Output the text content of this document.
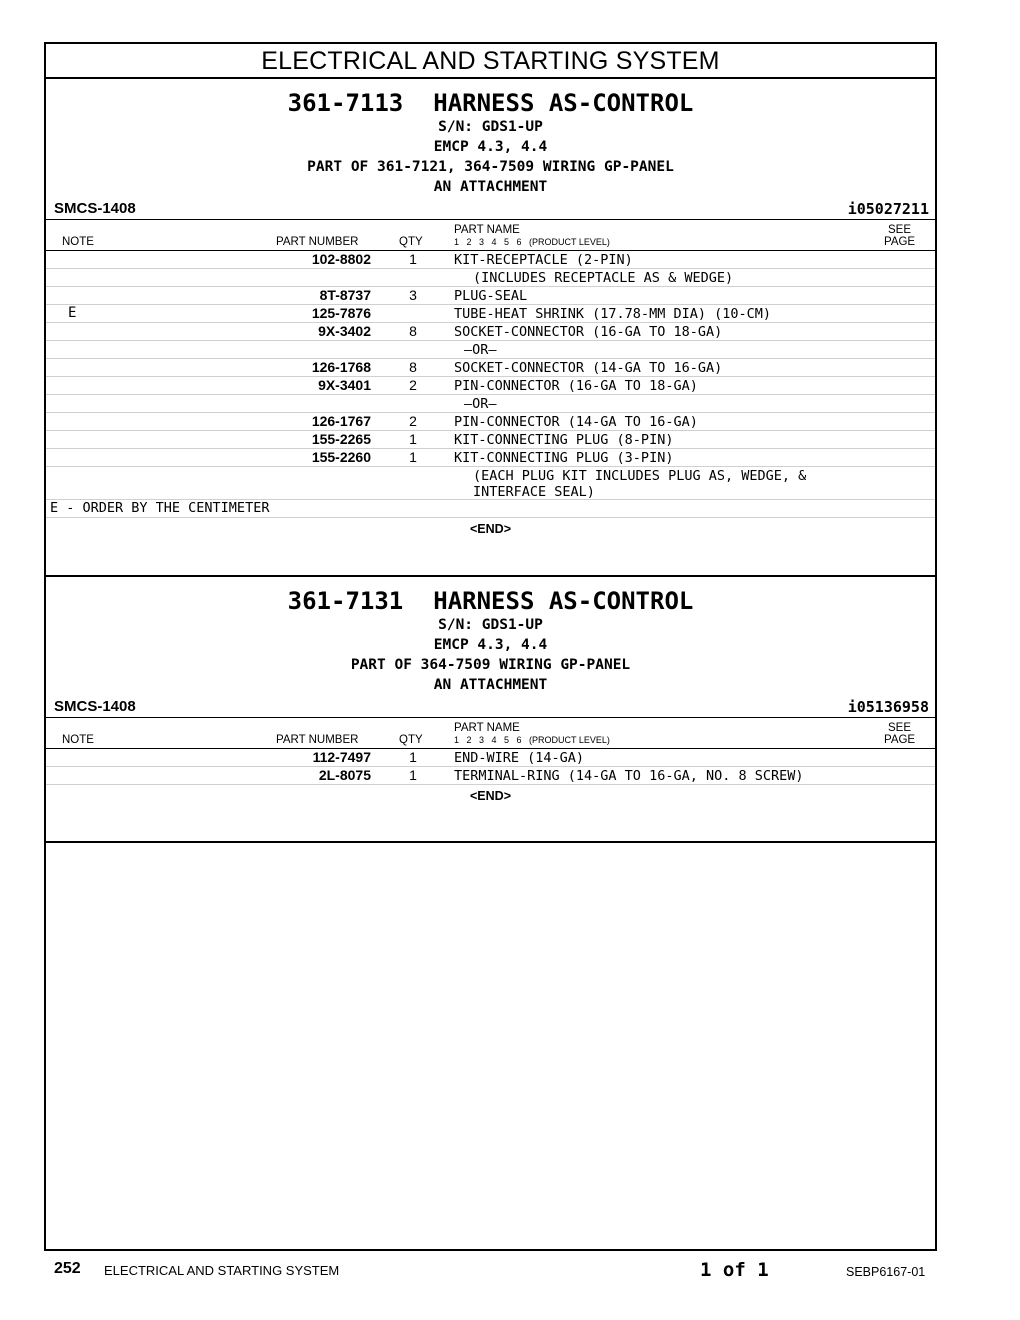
ELECTRICAL AND STARTING SYSTEM
361-7113 HARNESS AS-CONTROL
S/N: GDS1-UP
EMCP 4.3, 4.4
PART OF 361-7121, 364-7509 WIRING GP-PANEL
AN ATTACHMENT
SMCS-1408	i05027211
NOTE	PART NUMBER	QTY
PART NAME
1   2   3   4   5   6   (PRODUCT LEVEL)
SEE
PAGE
102-8802	1	KIT-RECEPTACLE (2-PIN)
(INCLUDES RECEPTACLE AS & WEDGE)
8T-8737	3	PLUG-SEAL
E	125-7876	TUBE-HEAT SHRINK (17.78-MM DIA) (10-CM)
9X-3402	8	SOCKET-CONNECTOR (16-GA TO 18-GA)
—OR—
126-1768	8	SOCKET-CONNECTOR (14-GA TO 16-GA)
9X-3401	2	PIN-CONNECTOR (16-GA TO 18-GA)
—OR—
126-1767	2	PIN-CONNECTOR (14-GA TO 16-GA)
155-2265	1	KIT-CONNECTING PLUG (8-PIN)
155-2260	1	KIT-CONNECTING PLUG (3-PIN)
(EACH PLUG KIT INCLUDES PLUG AS, WEDGE, &
INTERFACE SEAL)
E - ORDER BY THE CENTIMETER
<END>
361-7131 HARNESS AS-CONTROL
S/N: GDS1-UP
EMCP 4.3, 4.4
PART OF 364-7509 WIRING GP-PANEL
AN ATTACHMENT
SMCS-1408	i05136958
NOTE	PART NUMBER	QTY
PART NAME
1   2   3   4   5   6   (PRODUCT LEVEL)
SEE
PAGE
112-7497	1	END-WIRE (14-GA)
2L-8075	1	TERMINAL-RING (14-GA TO 16-GA, NO. 8 SCREW)
<END>
252 ELECTRICAL AND STARTING SYSTEM	1 of 1	SEBP6167-01
